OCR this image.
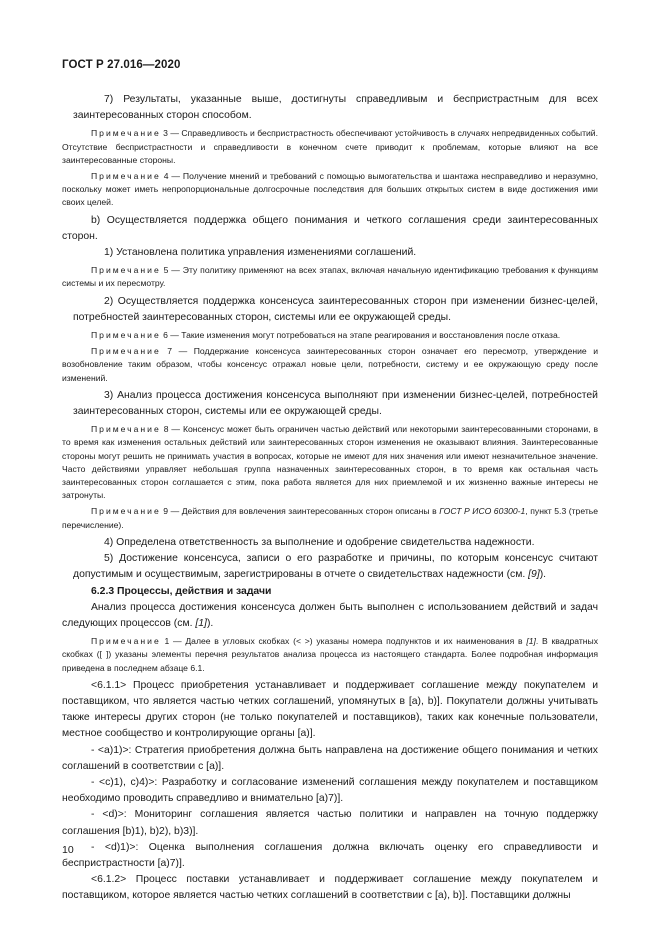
ГОСТ Р 27.016—2020

7) Результаты, указанные выше, достигнуты справедливым и беспристрастным для всех заинтересованных сторон способом.

Примечание 3 — Справедливость и беспристрастность обеспечивают устойчивость в случаях непредвиденных событий. Отсутствие беспристрастности и справедливости в конечном счете приводит к проблемам, которые влияют на все заинтересованные стороны.

Примечание 4 — Получение мнений и требований с помощью вымогательства и шантажа несправедливо и неразумно, поскольку может иметь непропорциональные долгосрочные последствия для больших открытых систем в виде достижения ими своих целей.

b) Осуществляется поддержка общего понимания и четкого соглашения среди заинтересованных сторон.

1) Установлена политика управления изменениями соглашений.

Примечание 5 — Эту политику применяют на всех этапах, включая начальную идентификацию требования к функциям системы и их пересмотру.

2) Осуществляется поддержка консенсуса заинтересованных сторон при изменении бизнес-целей, потребностей заинтересованных сторон, системы или ее окружающей среды.

Примечание 6 — Такие изменения могут потребоваться на этапе реагирования и восстановления после отказа.

Примечание 7 — Поддержание консенсуса заинтересованных сторон означает его пересмотр, утверждение и возобновление таким образом, чтобы консенсус отражал новые цели, потребности, систему и ее окружающую среду после изменений.

3) Анализ процесса достижения консенсуса выполняют при изменении бизнес-целей, потребностей заинтересованных сторон, системы или ее окружающей среды.

Примечание 8 — Консенсус может быть ограничен частью действий или некоторыми заинтересованными сторонами, в то время как изменения остальных действий или заинтересованных сторон изменения не оказывают влияния. Заинтересованные стороны могут решить не принимать участия в вопросах, которые не имеют для них значения или имеют незначительное значение. Часто действиями управляет небольшая группа назначенных заинтересованных сторон, в то время как остальная часть заинтересованных сторон соглашается с этим, пока работа является для них приемлемой и их жизненно важные интересы не затронуты.

Примечание 9 — Действия для вовлечения заинтересованных сторон описаны в ГОСТ Р ИСО 60300-1, пункт 5.3 (третье перечисление).

4) Определена ответственность за выполнение и одобрение свидетельства надежности.

5) Достижение консенсуса, записи о его разработке и причины, по которым консенсус считают допустимым и осуществимым, зарегистрированы в отчете о свидетельствах надежности (см. [9]).

6.2.3 Процессы, действия и задачи

Анализ процесса достижения консенсуса должен быть выполнен с использованием действий и задач следующих процессов (см. [1]).

Примечание 1 — Далее в угловых скобках (< >) указаны номера подпунктов и их наименования в [1]. В квадратных скобках ([ ]) указаны элементы перечня результатов анализа процесса из настоящего стандарта. Более подробная информация приведена в последнем абзаце 6.1.

<6.1.1> Процесс приобретения устанавливает и поддерживает соглашение между покупателем и поставщиком, что является частью четких соглашений, упомянутых в [a), b)]. Покупатели должны учитывать также интересы других сторон (не только покупателей и поставщиков), таких как конечные пользователи, местное сообщество и контролирующие органы [a)].

- <a)1)>: Стратегия приобретения должна быть направлена на достижение общего понимания и четких соглашений в соответствии с [a)].

- <c)1), c)4)>: Разработку и согласование изменений соглашения между покупателем и поставщиком необходимо проводить справедливо и внимательно [a)7)].

- <d)>: Мониторинг соглашения является частью политики и направлен на точную поддержку соглашения [b)1), b)2), b)3)].

- <d)1)>: Оценка выполнения соглашения должна включать оценку его справедливости и беспристрастности [a)7)].

<6.1.2> Процесс поставки устанавливает и поддерживает соглашение между покупателем и поставщиком, которое является частью четких соглашений в соответствии с [a), b)]. Поставщики должны

10
